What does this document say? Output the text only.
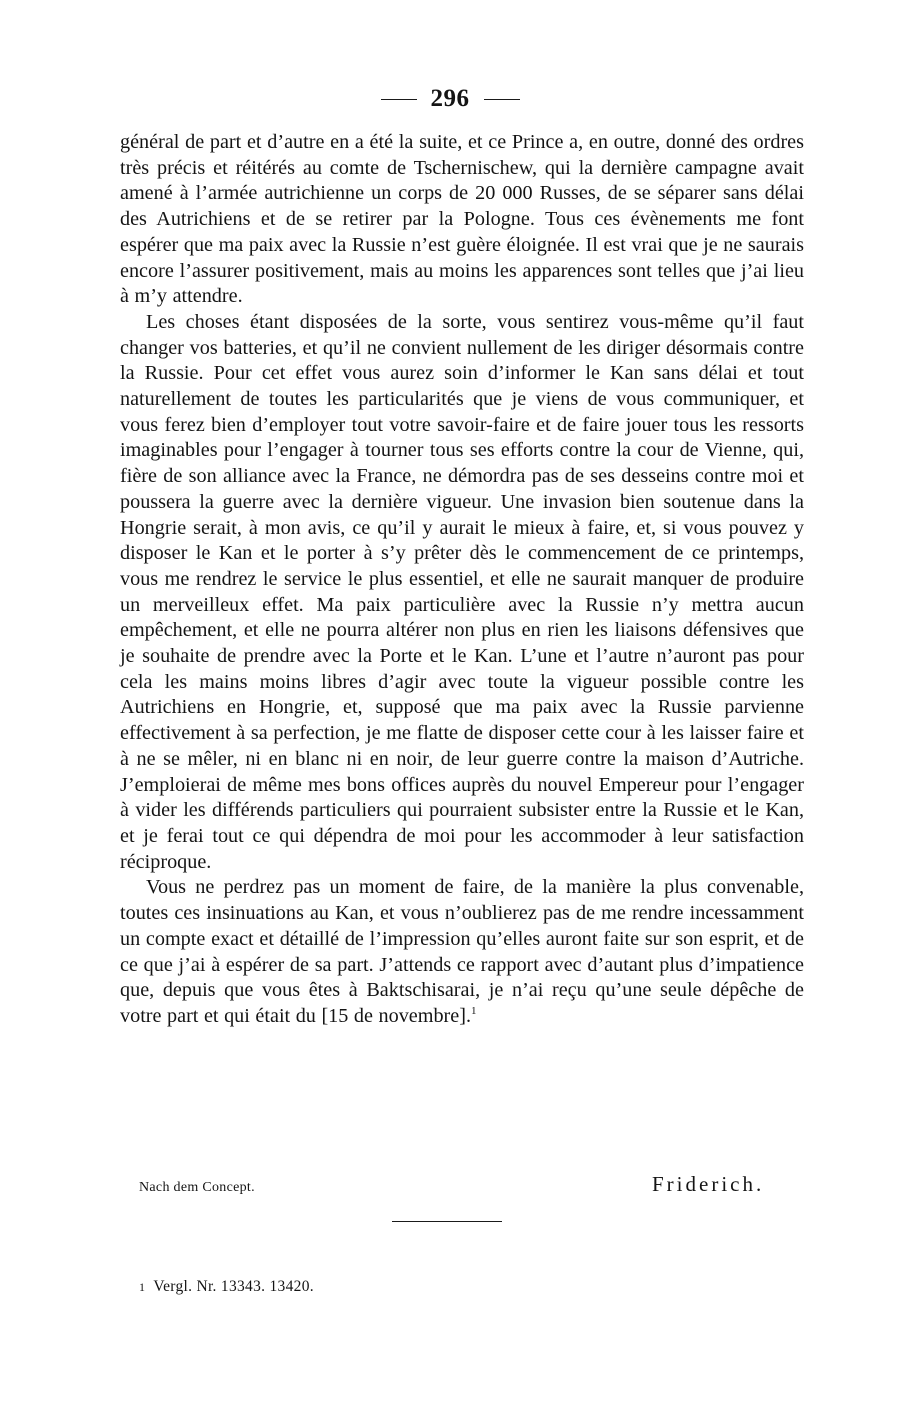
296

général de part et d’autre en a été la suite, et ce Prince a, en outre, donné des ordres très précis et réitérés au comte de Tschernischew, qui la dernière campagne avait amené à l’armée autrichienne un corps de 20 000 Russes, de se séparer sans délai des Autrichiens et de se retirer par la Pologne. Tous ces évènements me font espérer que ma paix avec la Russie n’est guère éloignée. Il est vrai que je ne saurais encore l’assurer positivement, mais au moins les apparences sont telles que j’ai lieu à m’y attendre.

Les choses étant disposées de la sorte, vous sentirez vous-même qu’il faut changer vos batteries, et qu’il ne convient nullement de les diriger désormais contre la Russie. Pour cet effet vous aurez soin d’informer le Kan sans délai et tout naturellement de toutes les particularités que je viens de vous communiquer, et vous ferez bien d’employer tout votre savoir-faire et de faire jouer tous les ressorts imaginables pour l’engager à tourner tous ses efforts contre la cour de Vienne, qui, fière de son alliance avec la France, ne démordra pas de ses desseins contre moi et poussera la guerre avec la dernière vigueur. Une invasion bien soutenue dans la Hongrie serait, à mon avis, ce qu’il y aurait le mieux à faire, et, si vous pouvez y disposer le Kan et le porter à s’y prêter dès le commencement de ce printemps, vous me rendrez le service le plus essentiel, et elle ne saurait manquer de produire un merveilleux effet. Ma paix particulière avec la Russie n’y mettra aucun empêchement, et elle ne pourra altérer non plus en rien les liaisons défensives que je souhaite de prendre avec la Porte et le Kan. L’une et l’autre n’auront pas pour cela les mains moins libres d’agir avec toute la vigueur possible contre les Autrichiens en Hongrie, et, supposé que ma paix avec la Russie parvienne effectivement à sa perfection, je me flatte de disposer cette cour à les laisser faire et à ne se mêler, ni en blanc ni en noir, de leur guerre contre la maison d’Autriche. J’emploierai de même mes bons offices auprès du nouvel Empereur pour l’engager à vider les différends particuliers qui pourraient subsister entre la Russie et le Kan, et je ferai tout ce qui dépendra de moi pour les accommoder à leur satisfaction réciproque.

Vous ne perdrez pas un moment de faire, de la manière la plus convenable, toutes ces insinuations au Kan, et vous n’oublierez pas de me rendre incessamment un compte exact et détaillé de l’impression qu’elles auront faite sur son esprit, et de ce que j’ai à espérer de sa part. J’attends ce rapport avec d’autant plus d’impatience que, depuis que vous êtes à Baktschisarai, je n’ai reçu qu’une seule dépêche de votre part et qui était du [15 de novembre].$^1$

Nach dem Concept.	Friderich.
1 Vergl. Nr. 13343. 13420.
